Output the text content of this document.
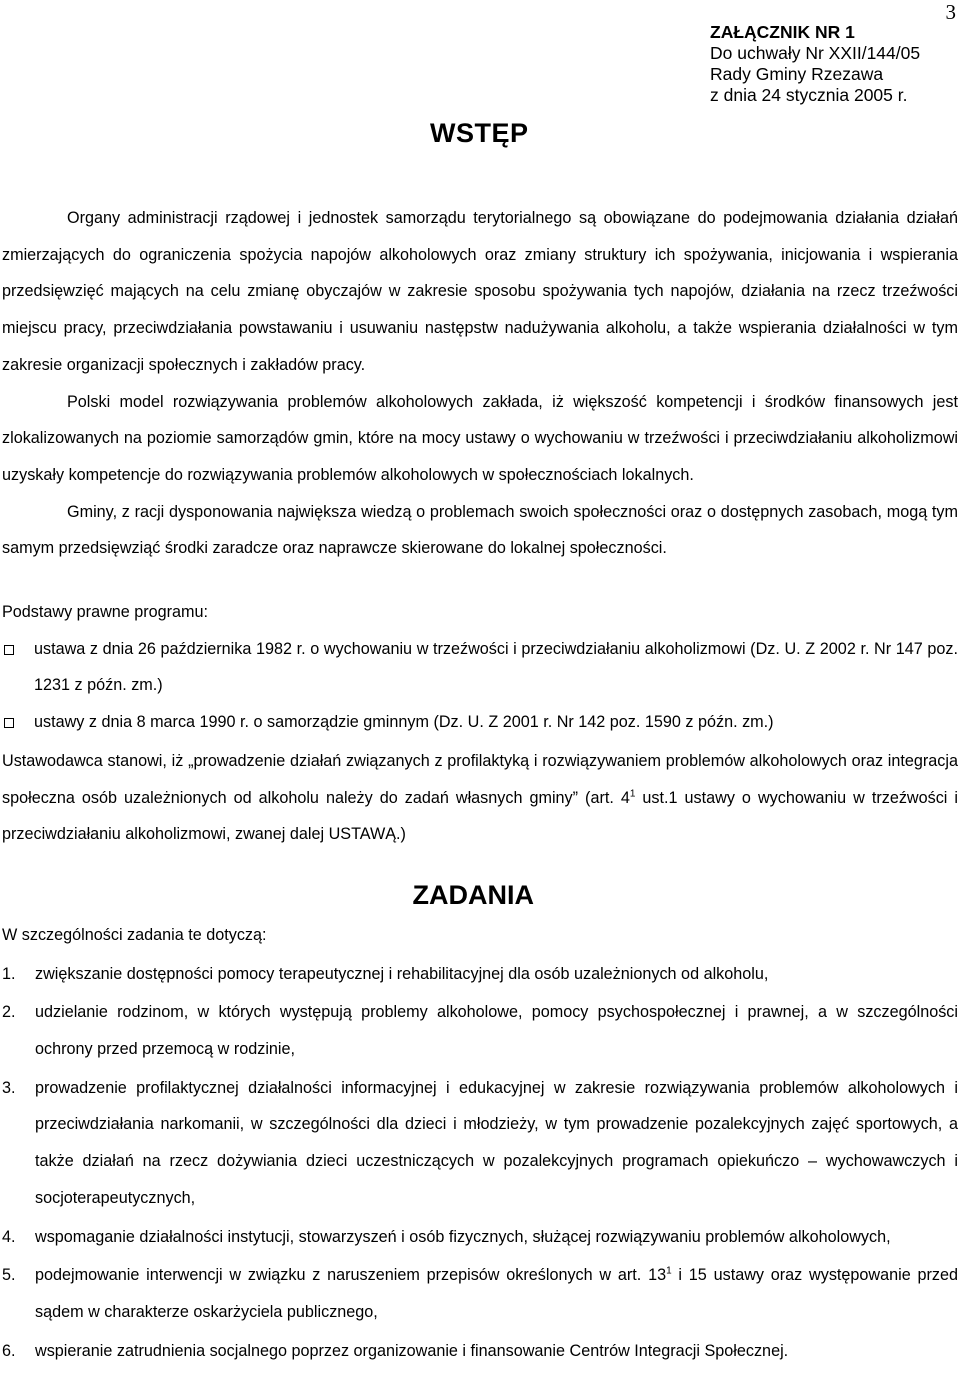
3
ZAŁĄCZNIK NR 1
Do uchwały Nr XXII/144/05
Rady Gminy Rzezawa
z dnia 24 stycznia 2005 r.
WSTĘP

Organy administracji rządowej i jednostek samorządu terytorialnego są obowiązane do podejmowania działania działań zmierzających do ograniczenia spożycia napojów alkoholowych oraz zmiany struktury ich spożywania, inicjowania i wspierania przedsięwzięć mających na celu zmianę obyczajów w zakresie sposobu spożywania tych napojów, działania na rzecz trzeźwości miejscu pracy, przeciwdziałania powstawaniu i usuwaniu następstw nadużywania alkoholu, a także wspierania działalności w tym zakresie organizacji społecznych i zakładów pracy.

Polski model rozwiązywania problemów alkoholowych zakłada, iż większość kompetencji i środków finansowych jest zlokalizowanych na poziomie samorządów gmin, które na mocy ustawy o wychowaniu w trzeźwości i przeciwdziałaniu alkoholizmowi uzyskały kompetencje do rozwiązywania problemów alkoholowych w społecznościach lokalnych.

Gminy, z racji dysponowania największa wiedzą o problemach swoich społeczności oraz o dostępnych zasobach, mogą tym samym przedsięwziąć środki zaradcze oraz naprawcze skierowane do lokalnej społeczności.

Podstawy prawne programu:

ustawa z dnia 26 października 1982 r. o wychowaniu w trzeźwości i przeciwdziałaniu alkoholizmowi (Dz. U. Z 2002 r. Nr 147 poz. 1231 z późn. zm.)
ustawy z dnia 8 marca 1990 r. o samorządzie gminnym (Dz. U. Z 2001 r. Nr 142 poz. 1590 z późn. zm.)

Ustawodawca stanowi, iż „prowadzenie działań związanych z profilaktyką i rozwiązywaniem problemów alkoholowych oraz integracja społeczna osób uzależnionych od alkoholu należy do zadań własnych gminy” (art. $4^1$ ust.1 ustawy o wychowaniu w trzeźwości i przeciwdziałaniu alkoholizmowi, zwanej dalej USTAWĄ.)

ZADANIA

W szczególności zadania te dotyczą:

1.	zwiększanie dostępności pomocy terapeutycznej i rehabilitacyjnej dla osób uzależnionych od alkoholu,
2.	udzielanie rodzinom, w których występują problemy alkoholowe, pomocy psychospołecznej i prawnej, a w szczególności ochrony przed przemocą w rodzinie,
3.	prowadzenie profilaktycznej działalności informacyjnej i edukacyjnej w zakresie rozwiązywania problemów alkoholowych i przeciwdziałania narkomanii, w szczególności dla dzieci i młodzieży, w tym prowadzenie pozalekcyjnych zajęć sportowych, a także działań na rzecz dożywiania dzieci uczestniczących w pozalekcyjnych programach opiekuńczo – wychowawczych i socjoterapeutycznych,
4.	wspomaganie działalności instytucji, stowarzyszeń i osób fizycznych, służącej rozwiązywaniu problemów alkoholowych,
5.	podejmowanie interwencji w związku z naruszeniem przepisów określonych w art. $13^1$ i 15 ustawy oraz występowanie przed sądem w charakterze oskarżyciela publicznego,
6.	wspieranie zatrudnienia socjalnego poprzez organizowanie i finansowanie Centrów Integracji Społecznej.
